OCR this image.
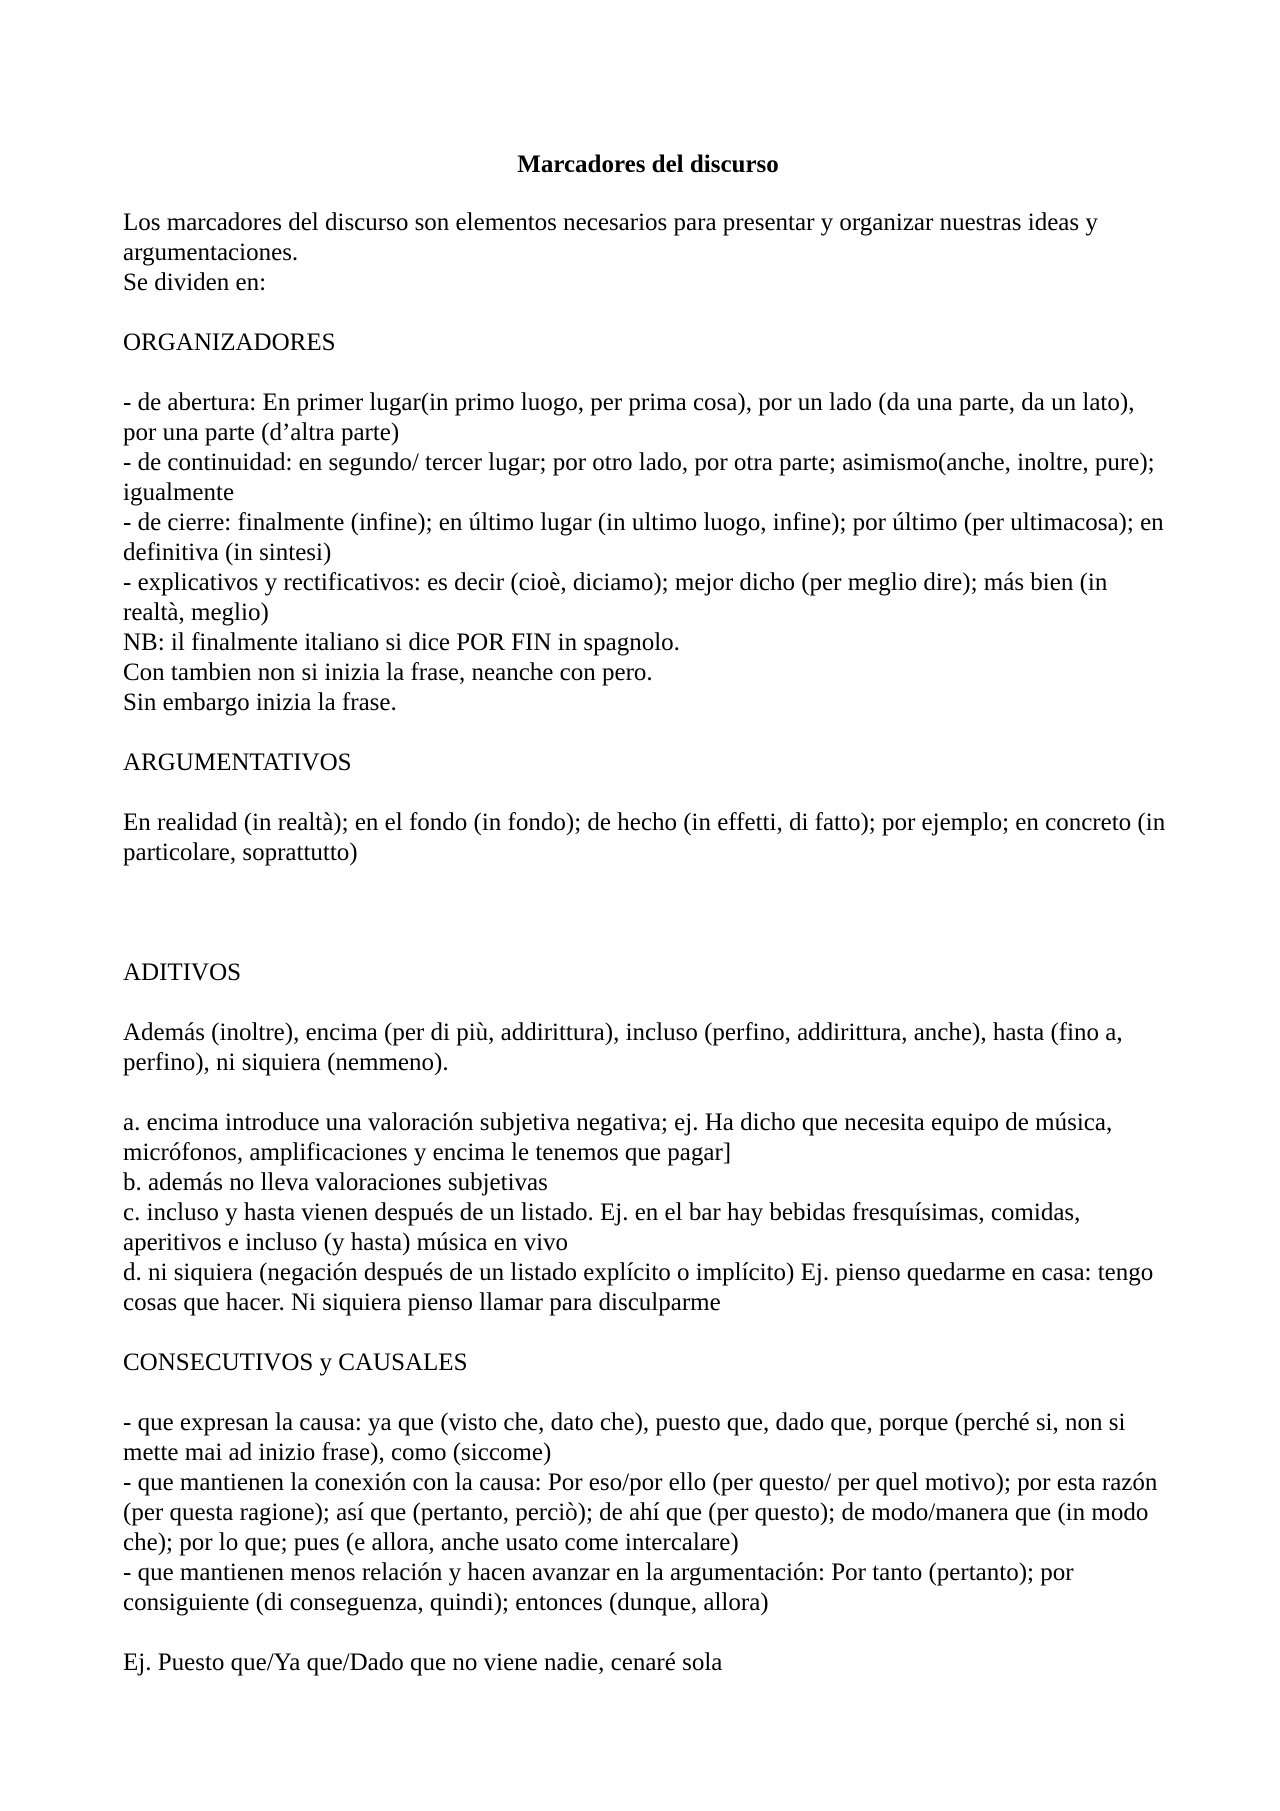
Marcadores del discurso

Los marcadores del discurso son elementos necesarios para presentar y organizar nuestras ideas y argumentaciones.

Se dividen en:

ORGANIZADORES

- de abertura: En primer lugar(in primo luogo, per prima cosa), por un lado (da una parte, da un lato), por una parte (d’altra parte)

- de continuidad: en segundo/ tercer lugar; por otro lado, por otra parte; asimismo(anche, inoltre, pure); igualmente

- de cierre: finalmente (infine); en último lugar (in ultimo luogo, infine); por último (per ultimacosa); en definitiva (in sintesi)

- explicativos y rectificativos: es decir (cioè, diciamo); mejor dicho (per meglio dire); más bien (in realtà, meglio)

NB: il finalmente italiano si dice POR FIN in spagnolo.

Con tambien non si inizia la frase, neanche con pero.

Sin embargo inizia la frase.

ARGUMENTATIVOS

En realidad (in realtà); en el fondo (in fondo); de hecho (in effetti, di fatto); por ejemplo; en concreto (in particolare, soprattutto)

ADITIVOS

Además (inoltre), encima (per di più, addirittura), incluso (perfino, addirittura, anche), hasta (fino a, perfino), ni siquiera (nemmeno).

a. encima introduce una valoración subjetiva negativa; ej. Ha dicho que necesita equipo de música, micrófonos, amplificaciones y encima le tenemos que pagar]

b. además no lleva valoraciones subjetivas

c. incluso y hasta vienen después de un listado. Ej. en el bar hay bebidas fresquísimas, comidas, aperitivos e incluso (y hasta) música en vivo

d. ni siquiera (negación después de un listado explícito o implícito) Ej. pienso quedarme en casa: tengo cosas que hacer. Ni siquiera pienso llamar para disculparme

CONSECUTIVOS y CAUSALES

- que expresan la causa: ya que (visto che, dato che), puesto que, dado que, porque (perché si, non si mette mai ad inizio frase), como (siccome)

- que mantienen la conexión con la causa: Por eso/por ello (per questo/ per quel motivo); por esta razón (per questa ragione); así que (pertanto, perciò); de ahí que (per questo); de modo/manera que (in modo che); por lo que; pues (e allora, anche usato come intercalare)

- que mantienen menos relación y hacen avanzar en la argumentación: Por tanto (pertanto); por consiguiente (di conseguenza, quindi); entonces (dunque, allora)

Ej. Puesto que/Ya que/Dado que no viene nadie, cenaré sola
